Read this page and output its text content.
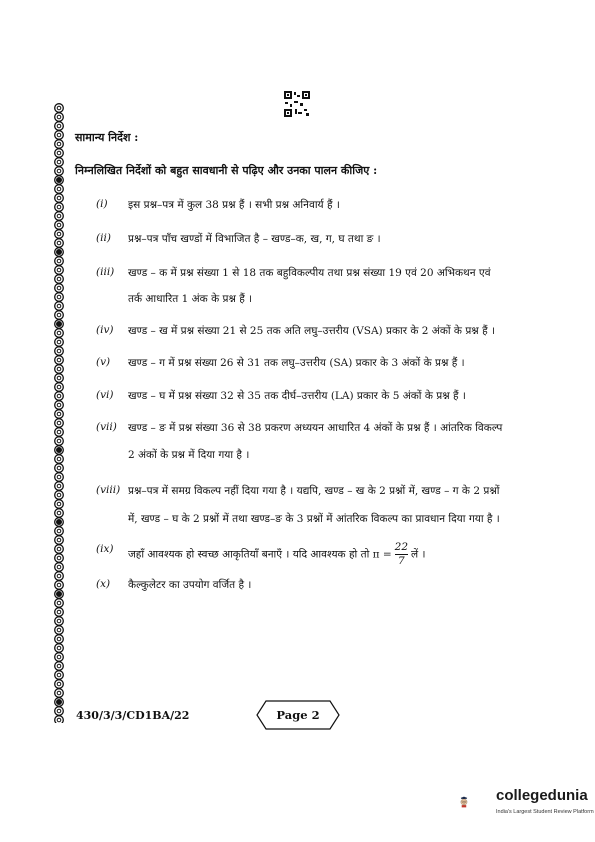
सामान्य निर्देश :
निम्नलिखित निर्देशों को बहुत सावधानी से पढ़िए और उनका पालन कीजिए :
(i) इस प्रश्न–पत्र में कुल 38 प्रश्न हैं । सभी प्रश्न अनिवार्य हैं ।
(ii) प्रश्न–पत्र पाँच खण्डों में विभाजित है – खण्ड–क, ख, ग, घ तथा ङ ।
(iii) खण्ड – क में प्रश्न संख्या 1 से 18 तक बहुविकल्पीय तथा प्रश्न संख्या 19 एवं 20 अभिकथन एवं
तर्क आधारित 1 अंक के प्रश्न हैं ।
(iv) खण्ड – ख में प्रश्न संख्या 21 से 25 तक अति लघु–उत्तरीय (VSA) प्रकार के 2 अंकों के प्रश्न हैं ।
(v) खण्ड – ग में प्रश्न संख्या 26 से 31 तक लघु–उत्तरीय (SA) प्रकार के 3 अंकों के प्रश्न हैं ।
(vi) खण्ड – घ में प्रश्न संख्या 32 से 35 तक दीर्घ–उत्तरीय (LA) प्रकार के 5 अंकों के प्रश्न हैं ।
(vii) खण्ड – ङ में प्रश्न संख्या 36 से 38 प्रकरण अध्ययन आधारित 4 अंकों के प्रश्न हैं । आंतरिक विकल्प
2 अंकों के प्रश्न में दिया गया है ।
(viii) प्रश्न–पत्र में समग्र विकल्प नहीं दिया गया है । यद्यपि, खण्ड – ख के 2 प्रश्नों में, खण्ड – ग के 2 प्रश्नों
में, खण्ड – घ के 2 प्रश्नों में तथा खण्ड–ङ के 3 प्रश्नों में आंतरिक विकल्प का प्रावधान दिया गया है ।
(ix) जहाँ आवश्यक हो स्वच्छ आकृतियाँ बनाएँ । यदि आवश्यक हो तो $\pi = \frac{22}{7}$ लें ।
(x) कैल्कुलेटर का उपयोग वर्जित है ।
430/3/3/CD1BA/22	Page 2
collegedunia
India's Largest Student Review Platform
